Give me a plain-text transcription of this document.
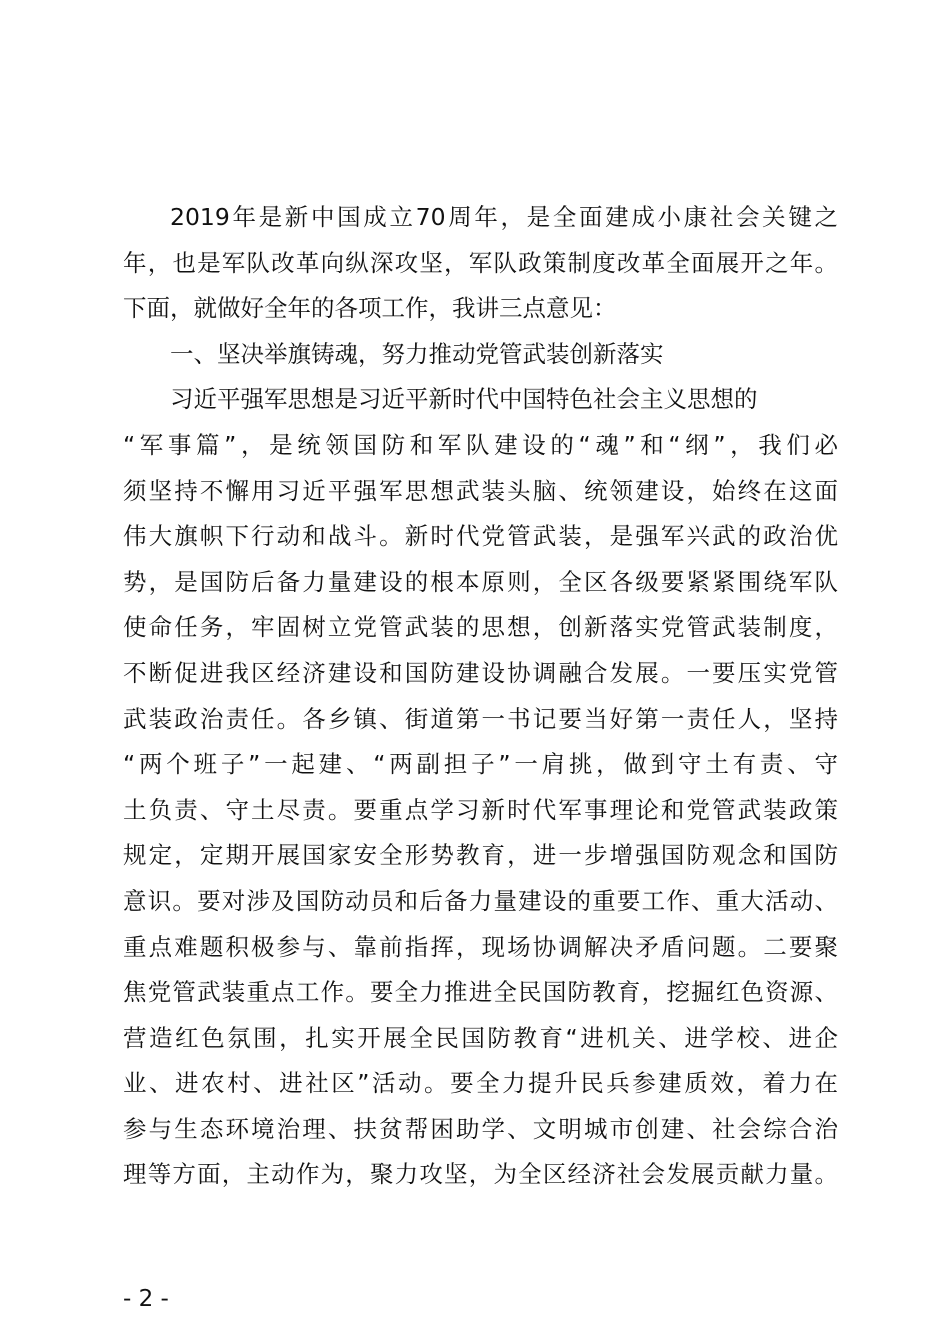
2019年是新中国成立70周年，是全面建成小康社会关键之
年，也是军队改革向纵深攻坚，军队政策制度改革全面展开之年。
下面，就做好全年的各项工作，我讲三点意见：
一、坚决举旗铸魂，努力推动党管武装创新落实
习近平强军思想是习近平新时代中国特色社会主义思想的
“军事篇”，是统领国防和军队建设的“魂”和“纲”，我们必
须坚持不懈用习近平强军思想武装头脑、统领建设，始终在这面
伟大旗帜下行动和战斗。新时代党管武装，是强军兴武的政治优
势，是国防后备力量建设的根本原则，全区各级要紧紧围绕军队
使命任务，牢固树立党管武装的思想，创新落实党管武装制度，
不断促进我区经济建设和国防建设协调融合发展。一要压实党管
武装政治责任。各乡镇、街道第一书记要当好第一责任人，坚持
“两个班子”一起建、“两副担子”一肩挑，做到守土有责、守
土负责、守土尽责。要重点学习新时代军事理论和党管武装政策
规定，定期开展国家安全形势教育，进一步增强国防观念和国防
意识。要对涉及国防动员和后备力量建设的重要工作、重大活动、
重点难题积极参与、靠前指挥，现场协调解决矛盾问题。二要聚
焦党管武装重点工作。要全力推进全民国防教育，挖掘红色资源、
营造红色氛围，扎实开展全民国防教育“进机关、进学校、进企
业、进农村、进社区”活动。要全力提升民兵参建质效，着力在
参与生态环境治理、扶贫帮困助学、文明城市创建、社会综合治
理等方面，主动作为，聚力攻坚，为全区经济社会发展贡献力量。
- 2 -
